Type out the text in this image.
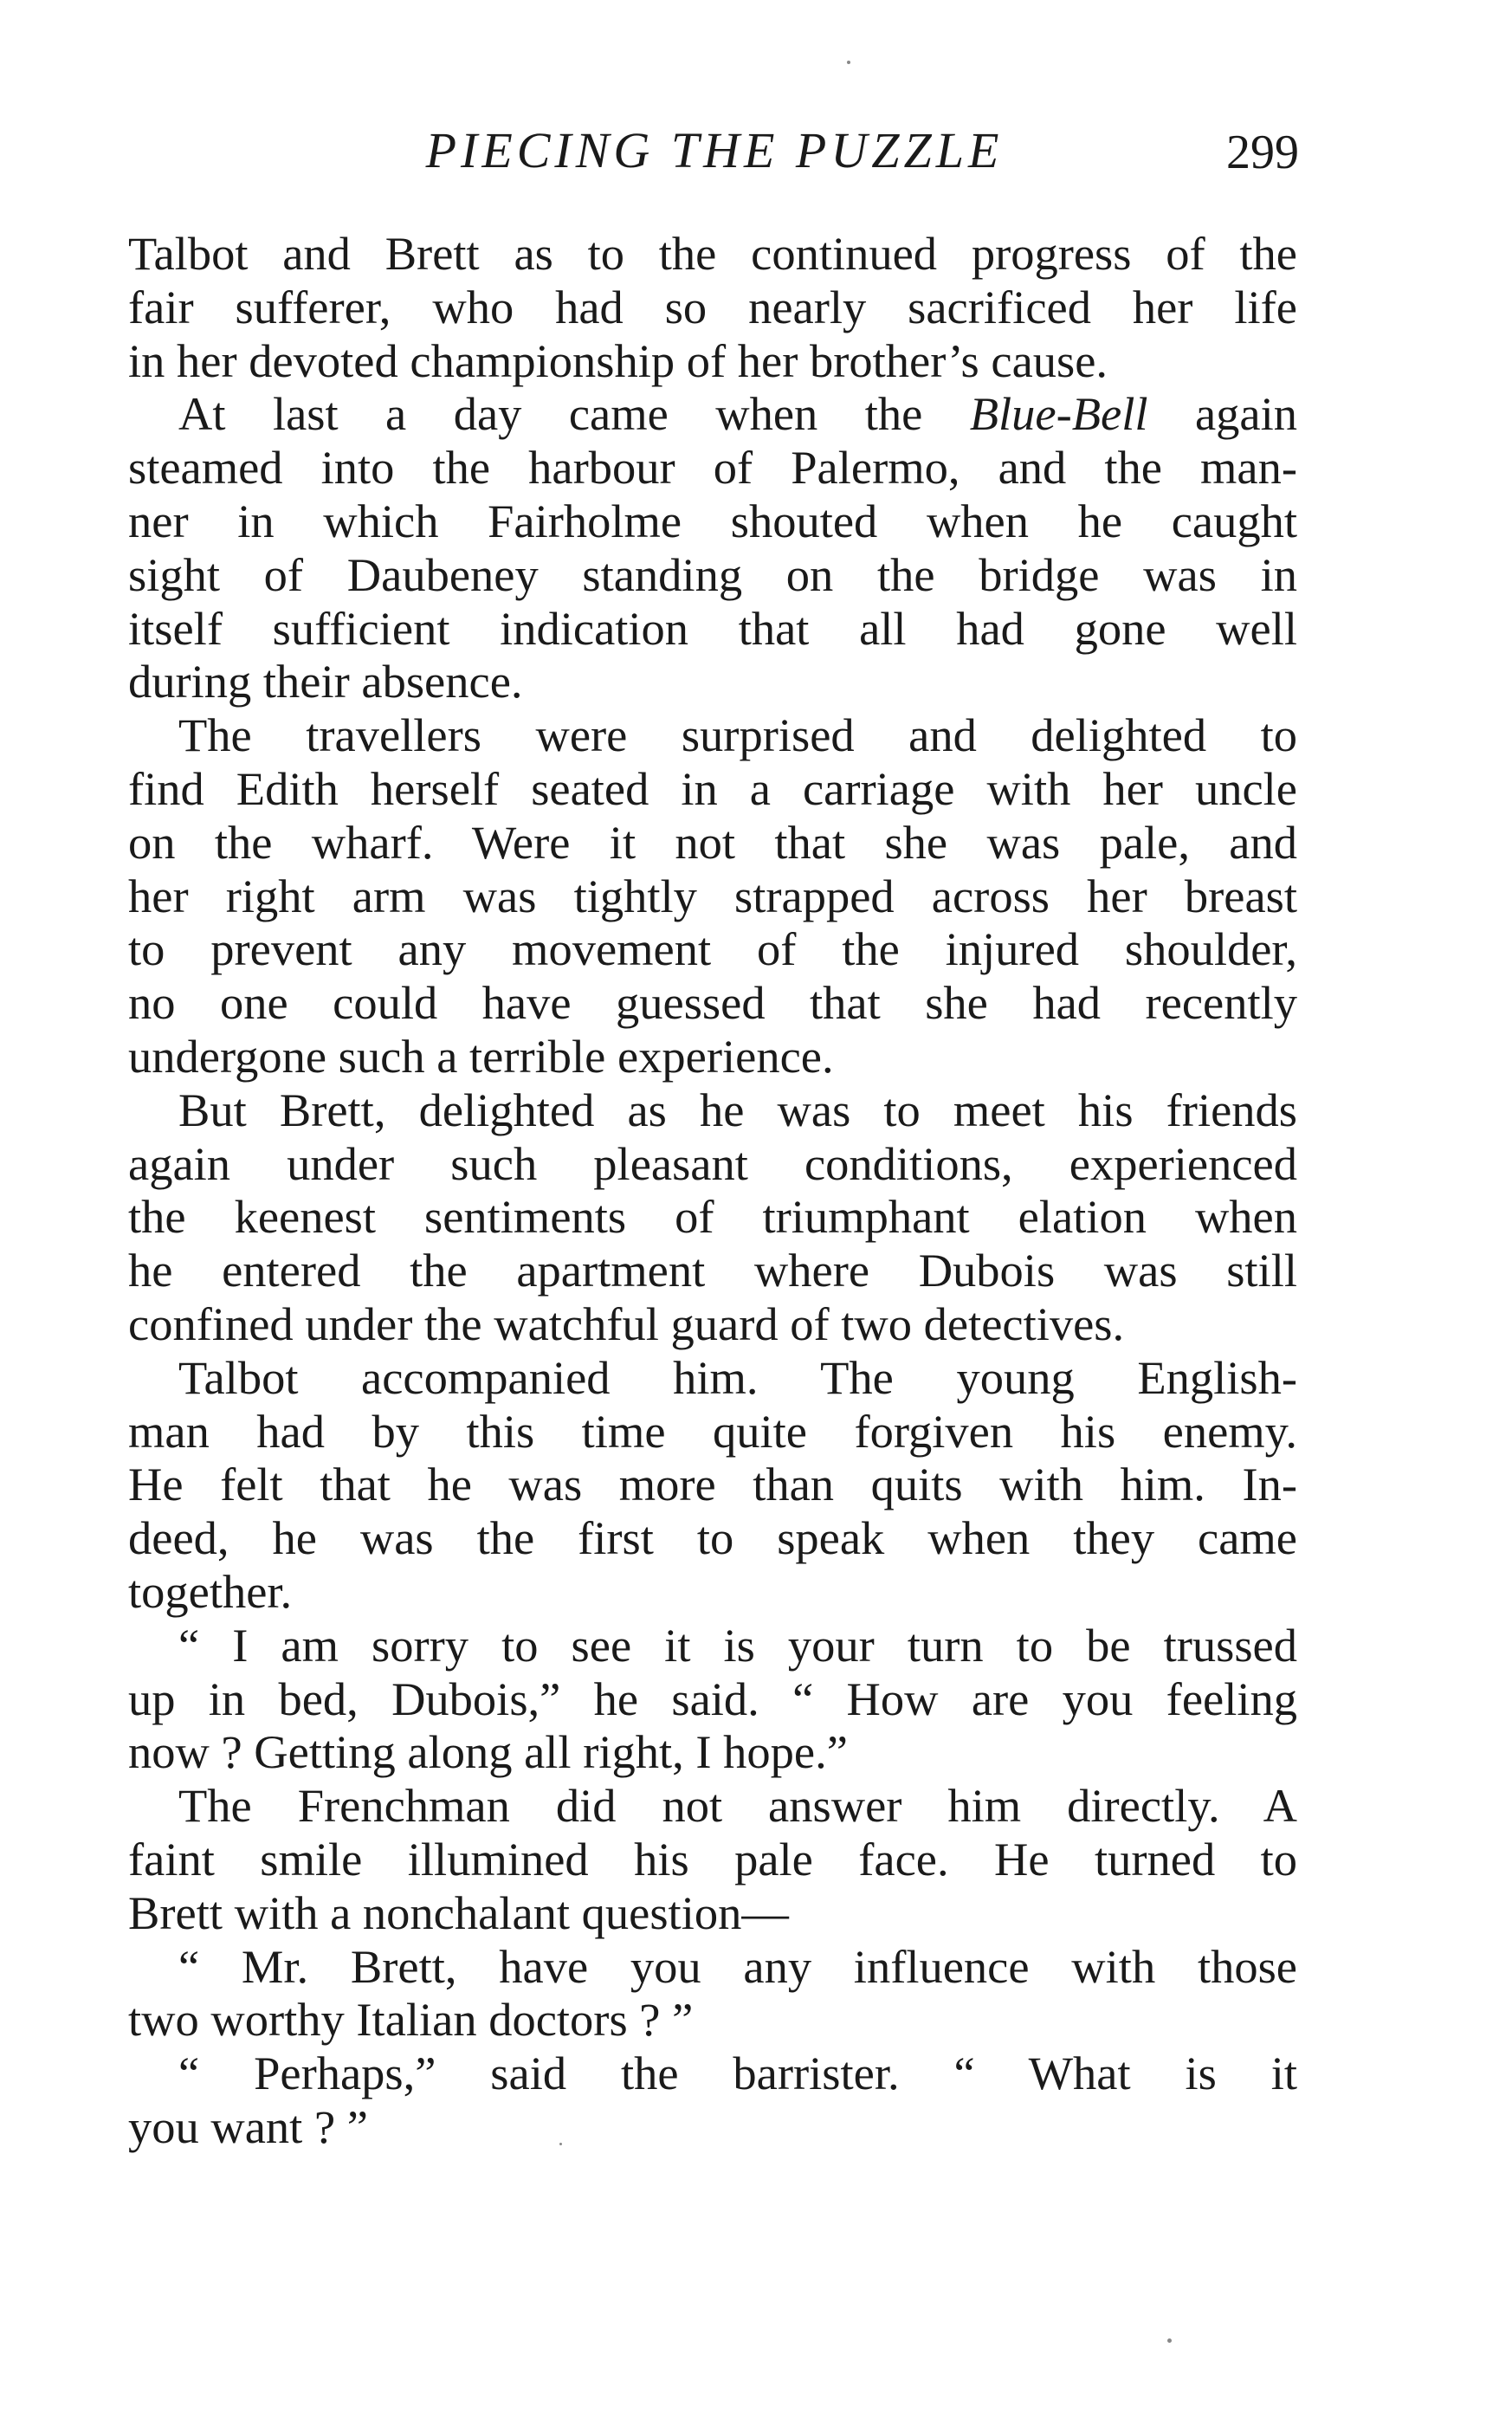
PIECING THE PUZZLE	299
Talbot and Brett as to the continued progress of the
fair sufferer, who had so nearly sacrificed her life
in her devoted championship of her brother’s cause.
At last a day came when the Blue-Bell again
steamed into the harbour of Palermo, and the man-
ner in which Fairholme shouted when he caught
sight of Daubeney standing on the bridge was in
itself sufficient indication that all had gone well
during their absence.
The travellers were surprised and delighted to
find Edith herself seated in a carriage with her uncle
on the wharf. Were it not that she was pale, and
her right arm was tightly strapped across her breast
to prevent any movement of the injured shoulder,
no one could have guessed that she had recently
undergone such a terrible experience.
But Brett, delighted as he was to meet his friends
again under such pleasant conditions, experienced
the keenest sentiments of triumphant elation when
he entered the apartment where Dubois was still
confined under the watchful guard of two detectives.
Talbot accompanied him. The young English-
man had by this time quite forgiven his enemy.
He felt that he was more than quits with him. In-
deed, he was the first to speak when they came
together.
“ I am sorry to see it is your turn to be trussed
up in bed, Dubois,” he said. “ How are you feeling
now ? Getting along all right, I hope.”
The Frenchman did not answer him directly. A
faint smile illumined his pale face. He turned to
Brett with a nonchalant question—
“ Mr. Brett, have you any influence with those
two worthy Italian doctors ? ”
“ Perhaps,” said the barrister. “ What is it
you want ? ”
